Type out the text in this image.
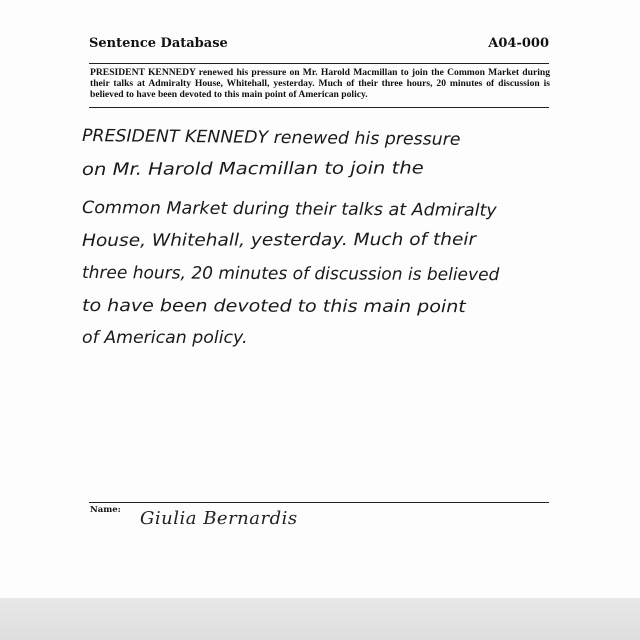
Sentence Database	A04-000
PRESIDENT KENNEDY renewed his pressure on Mr. Harold Macmillan to join the Common Market during their talks at Admiralty House, Whitehall, yesterday. Much of their three hours, 20 minutes of discussion is believed to have been devoted to this main point of American policy.
PRESIDENT KENNEDY renewed his pressure
on Mr. Harold Macmillan to join the
Common Market during their talks at Admiralty
House, Whitehall, yesterday. Much of their
three hours, 20 minutes of discussion is believed
to have been devoted to this main point
of American policy.
Name: Giulia Bernardis
